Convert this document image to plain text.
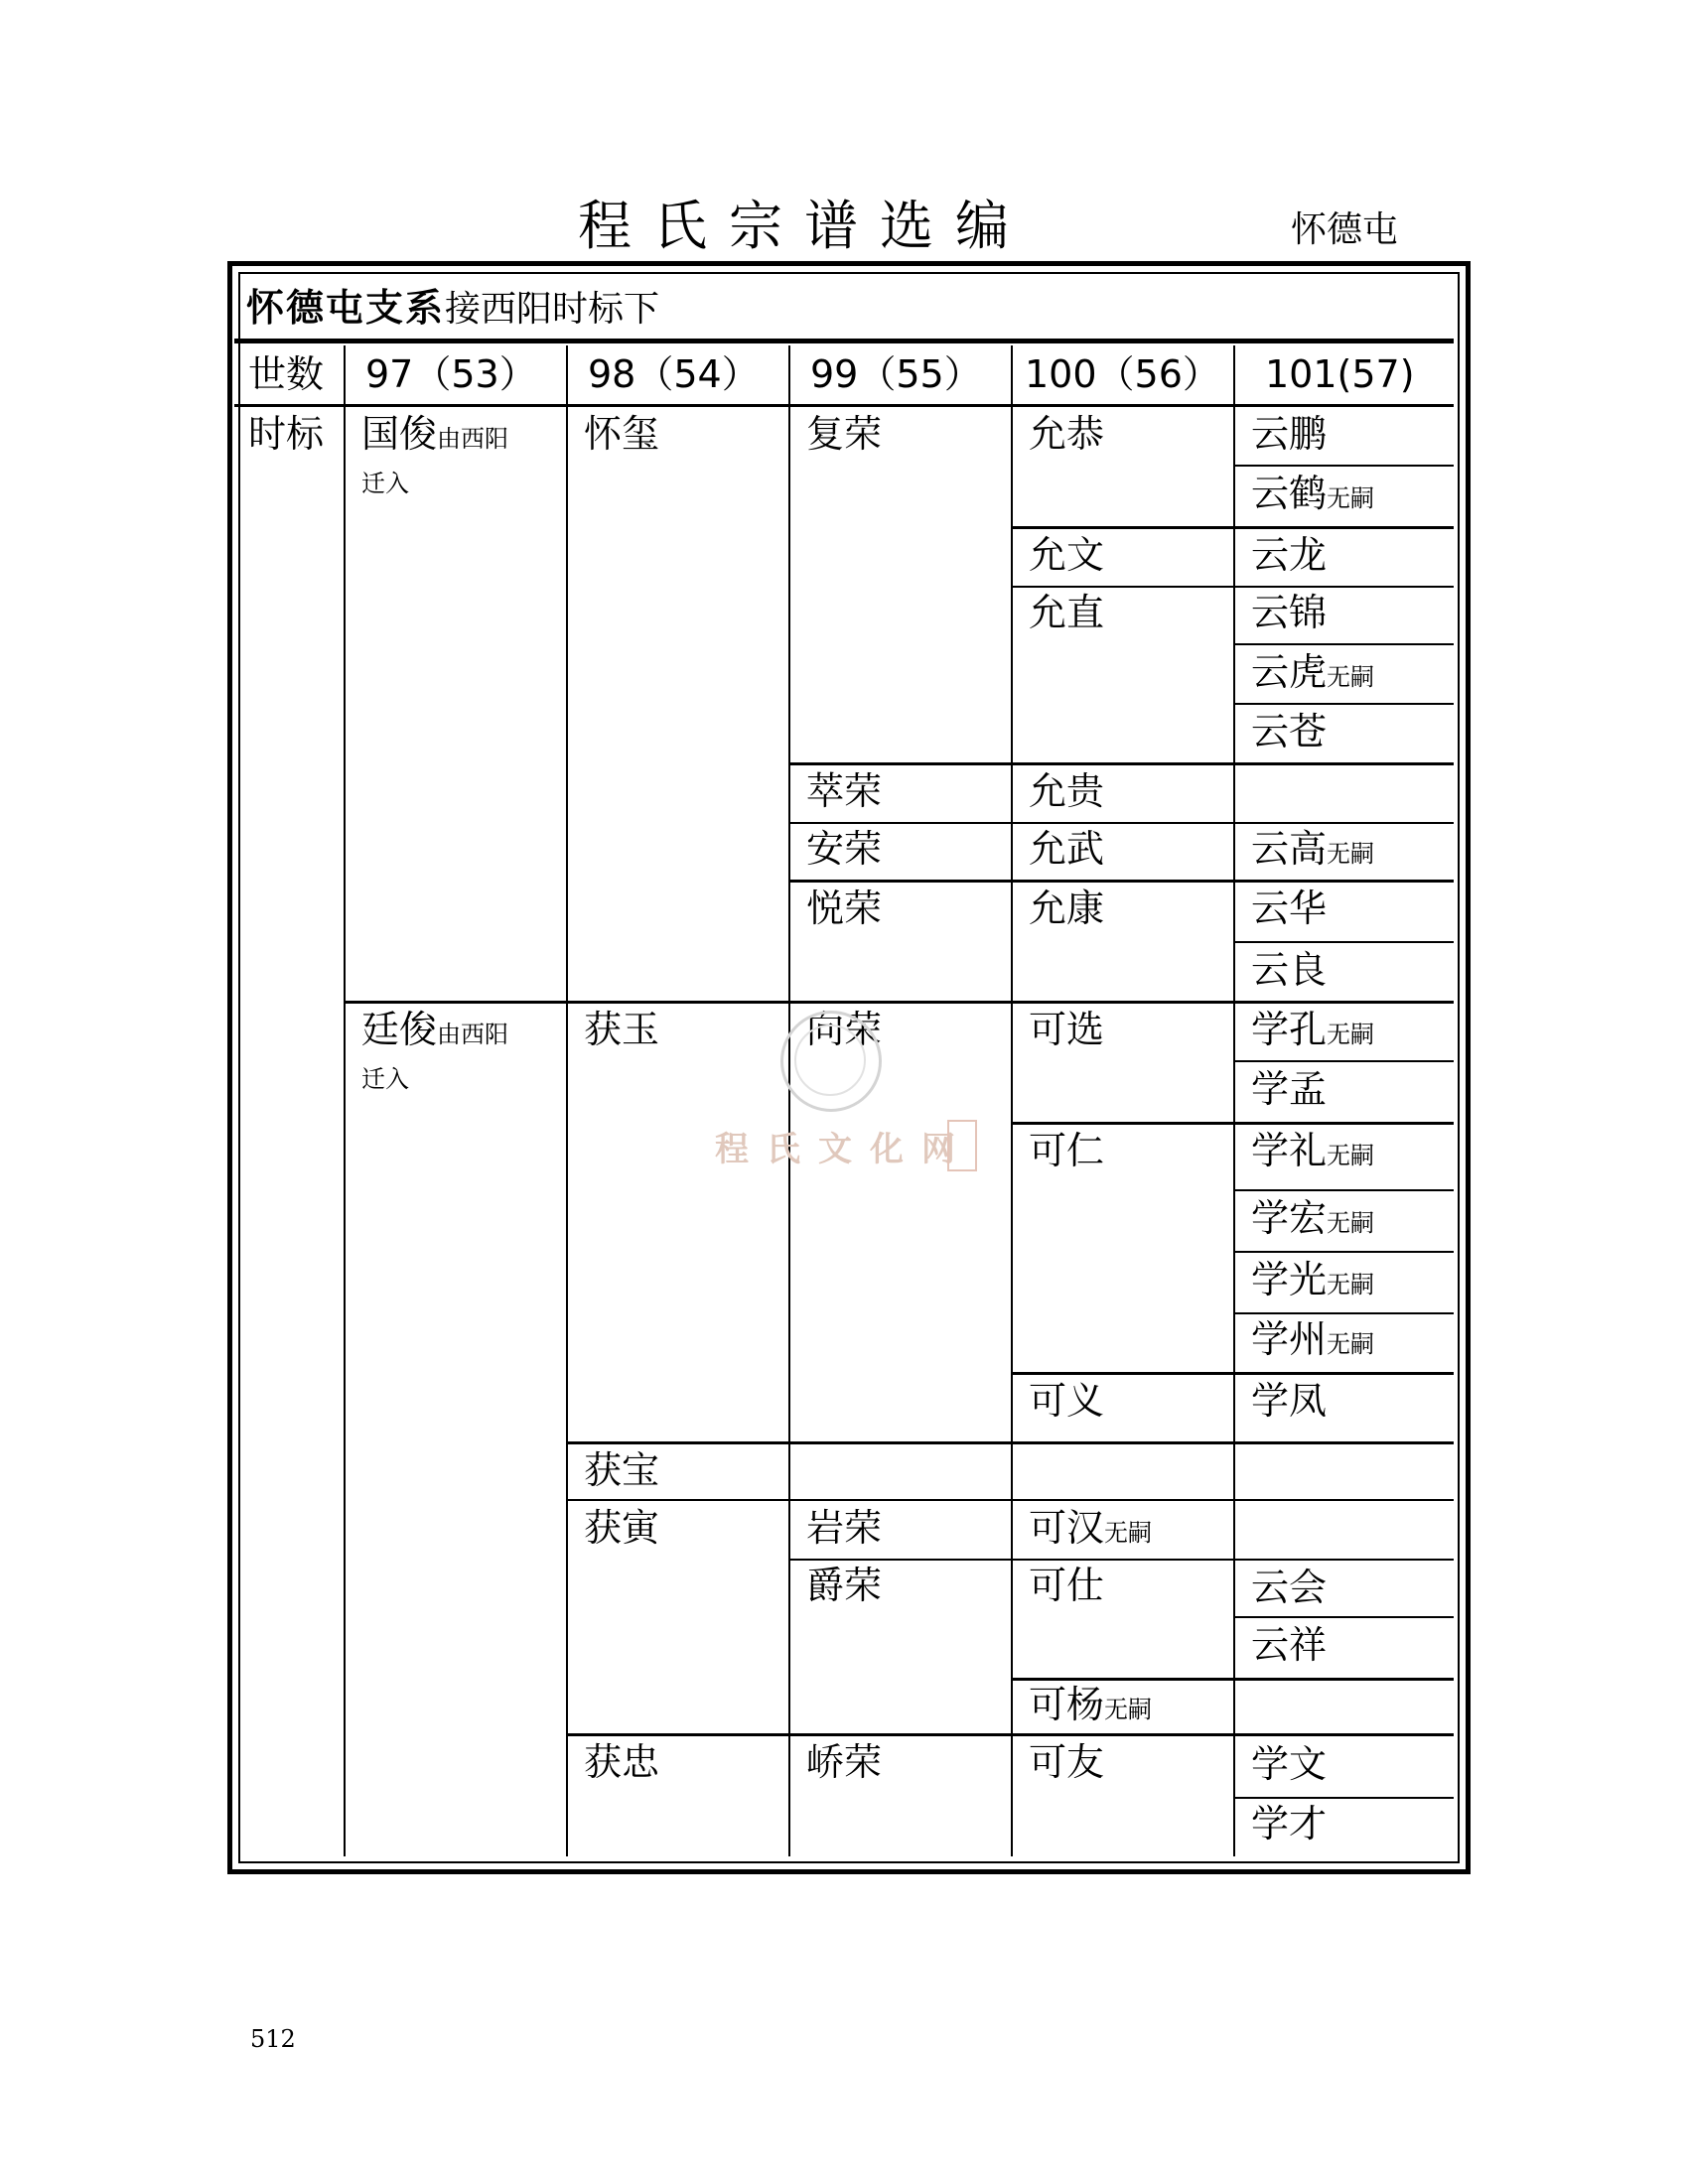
程氏宗谱选编	怀德屯
怀德屯支系接西阳时标下
世数 97（53） 98（54） 99（55） 100（56） 101(57)
时标 国俊由西阳
迁入
廷俊由西阳
迁入
怀玺
获玉
获宝
获寅
获忠
复荣
萃荣
安荣
悦荣
向荣
岩荣
爵荣
峤荣
允恭
允文
允直
允贵
允武
允康
可选
可仁
可义
可汉无嗣
可仕
可杨无嗣
可友
云鹏
云鹤无嗣
云龙
云锦
云虎无嗣
云苍
云高无嗣
云华
云良
学孔无嗣
学孟
学礼无嗣
学宏无嗣
学光无嗣
学州无嗣
学凤
云会
云祥
学文
学才
程氏文化网
512
